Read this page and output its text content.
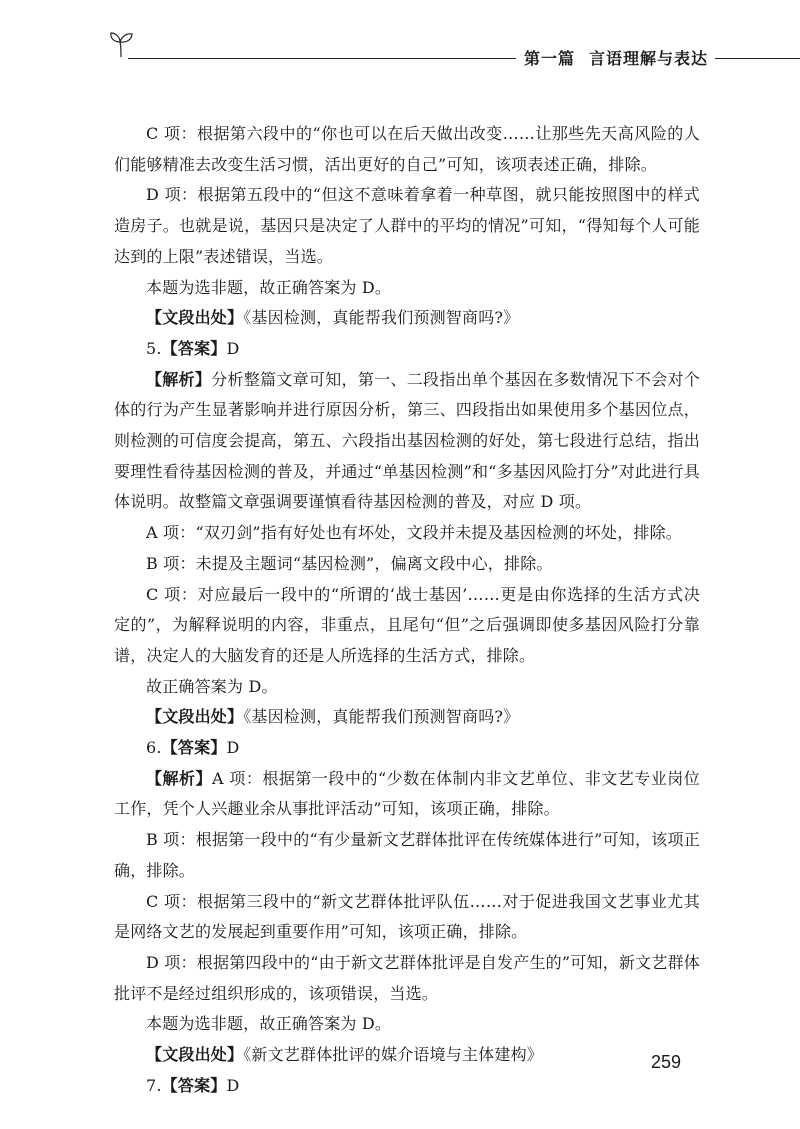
第一篇 言语理解与表达

C 项：根据第六段中的“你也可以在后天做出改变……让那些先天高风险的人们能够精准去改变生活习惯，活出更好的自己”可知，该项表述正确，排除。

D 项：根据第五段中的“但这不意味着拿着一种草图，就只能按照图中的样式造房子。也就是说，基因只是决定了人群中的平均的情况”可知，“得知每个人可能达到的上限”表述错误，当选。

本题为选非题，故正确答案为 D。

【文段出处】《基因检测，真能帮我们预测智商吗?》

5.【答案】D

【解析】分析整篇文章可知，第一、二段指出单个基因在多数情况下不会对个体的行为产生显著影响并进行原因分析，第三、四段指出如果使用多个基因位点，则检测的可信度会提高，第五、六段指出基因检测的好处，第七段进行总结，指出要理性看待基因检测的普及，并通过“单基因检测”和“多基因风险打分”对此进行具体说明。故整篇文章强调要谨慎看待基因检测的普及，对应 D 项。

A 项：“双刃剑”指有好处也有坏处，文段并未提及基因检测的坏处，排除。

B 项：未提及主题词“基因检测”，偏离文段中心，排除。

C 项：对应最后一段中的“所谓的‘战士基因’……更是由你选择的生活方式决定的”，为解释说明的内容，非重点，且尾句“但”之后强调即使多基因风险打分靠谱，决定人的大脑发育的还是人所选择的生活方式，排除。

故正确答案为 D。

【文段出处】《基因检测，真能帮我们预测智商吗?》

6.【答案】D

【解析】A 项：根据第一段中的“少数在体制内非文艺单位、非文艺专业岗位工作，凭个人兴趣业余从事批评活动”可知，该项正确，排除。

B 项：根据第一段中的“有少量新文艺群体批评在传统媒体进行”可知，该项正确，排除。

C 项：根据第三段中的“新文艺群体批评队伍……对于促进我国文艺事业尤其是网络文艺的发展起到重要作用”可知，该项正确，排除。

D 项：根据第四段中的“由于新文艺群体批评是自发产生的”可知，新文艺群体批评不是经过组织形成的，该项错误，当选。

本题为选非题，故正确答案为 D。

【文段出处】《新文艺群体批评的媒介语境与主体建构》

7.【答案】D

259
